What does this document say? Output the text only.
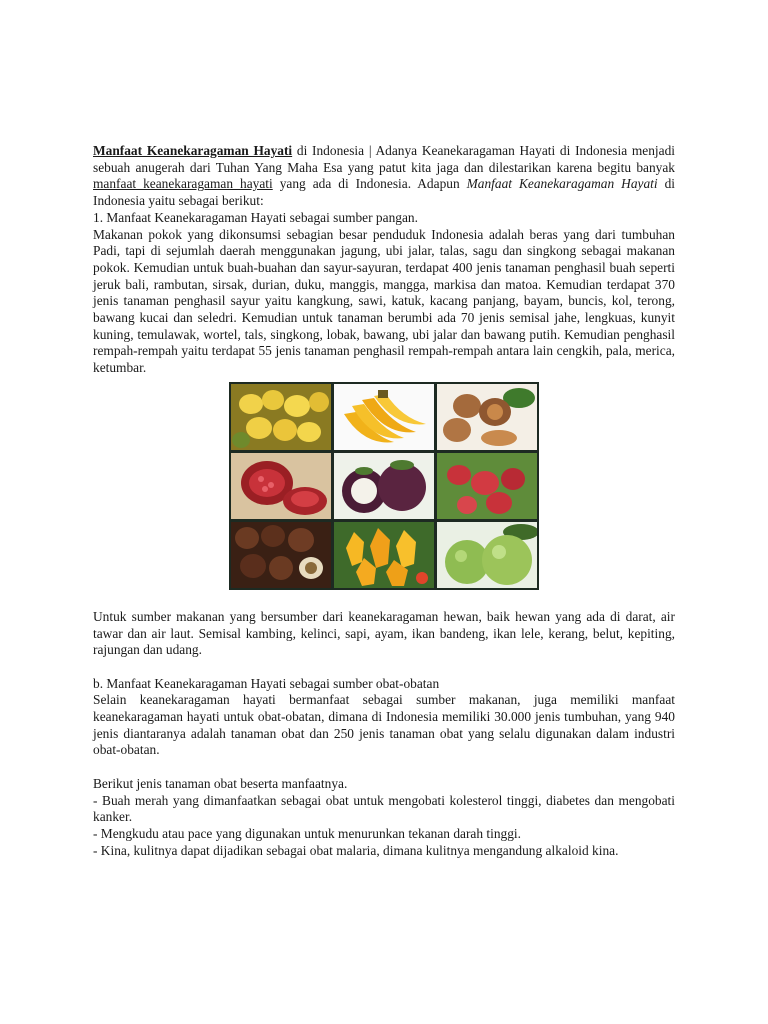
Manfaat Keanekaragaman Hayati di Indonesia | Adanya Keanekaragaman Hayati di Indonesia menjadi sebuah anugerah dari Tuhan Yang Maha Esa yang patut kita jaga dan dilestarikan karena begitu banyak manfaat keanekaragaman hayati yang ada di Indonesia. Adapun Manfaat Keanekaragaman Hayati di Indonesia yaitu sebagai berikut:

1. Manfaat Keanekaragaman Hayati sebagai sumber pangan.

Makanan pokok yang dikonsumsi sebagian besar penduduk Indonesia adalah beras yang dari tumbuhan Padi, tapi di sejumlah daerah menggunakan jagung, ubi jalar, talas, sagu dan singkong sebagai makanan pokok. Kemudian untuk buah-buahan dan sayur-sayuran, terdapat 400 jenis tanaman penghasil buah seperti jeruk bali, rambutan, sirsak, durian, duku, manggis, mangga, markisa dan matoa. Kemudian terdapat 370 jenis tanaman penghasil sayur yaitu kangkung, sawi, katuk, kacang panjang, bayam, buncis, kol, terong, bawang kucai dan seledri. Kemudian untuk tanaman berumbi ada 70 jenis semisal jahe, lengkuas, kunyit kuning, temulawak, wortel, tals, singkong, lobak, bawang, ubi jalar dan bawang putih. Kemudian penghasil rempah-rempah yaitu terdapat 55 jenis tanaman penghasil rempah-rempah antara lain cengkih, pala, merica, ketumbar.

Untuk sumber makanan yang bersumber dari keanekaragaman hewan, baik hewan yang ada di darat, air tawar dan air laut. Semisal kambing, kelinci, sapi, ayam, ikan bandeng, ikan lele, kerang, belut, kepiting, rajungan dan udang.

b. Manfaat Keanekaragaman Hayati sebagai sumber obat-obatan

Selain keanekaragaman hayati bermanfaat sebagai sumber makanan, juga memiliki manfaat keanekaragaman hayati untuk obat-obatan, dimana di Indonesia memiliki 30.000 jenis tumbuhan, yang 940 jenis diantaranya adalah tanaman obat dan 250 jenis tanaman obat yang selalu digunakan dalam industri obat-obatan.

Berikut jenis tanaman obat beserta manfaatnya.

- Buah merah yang dimanfaatkan sebagai obat untuk mengobati kolesterol tinggi, diabetes dan mengobati kanker.

- Mengkudu atau pace yang digunakan untuk menurunkan tekanan darah tinggi.

- Kina, kulitnya dapat dijadikan sebagai obat malaria, dimana kulitnya mengandung alkaloid kina.
